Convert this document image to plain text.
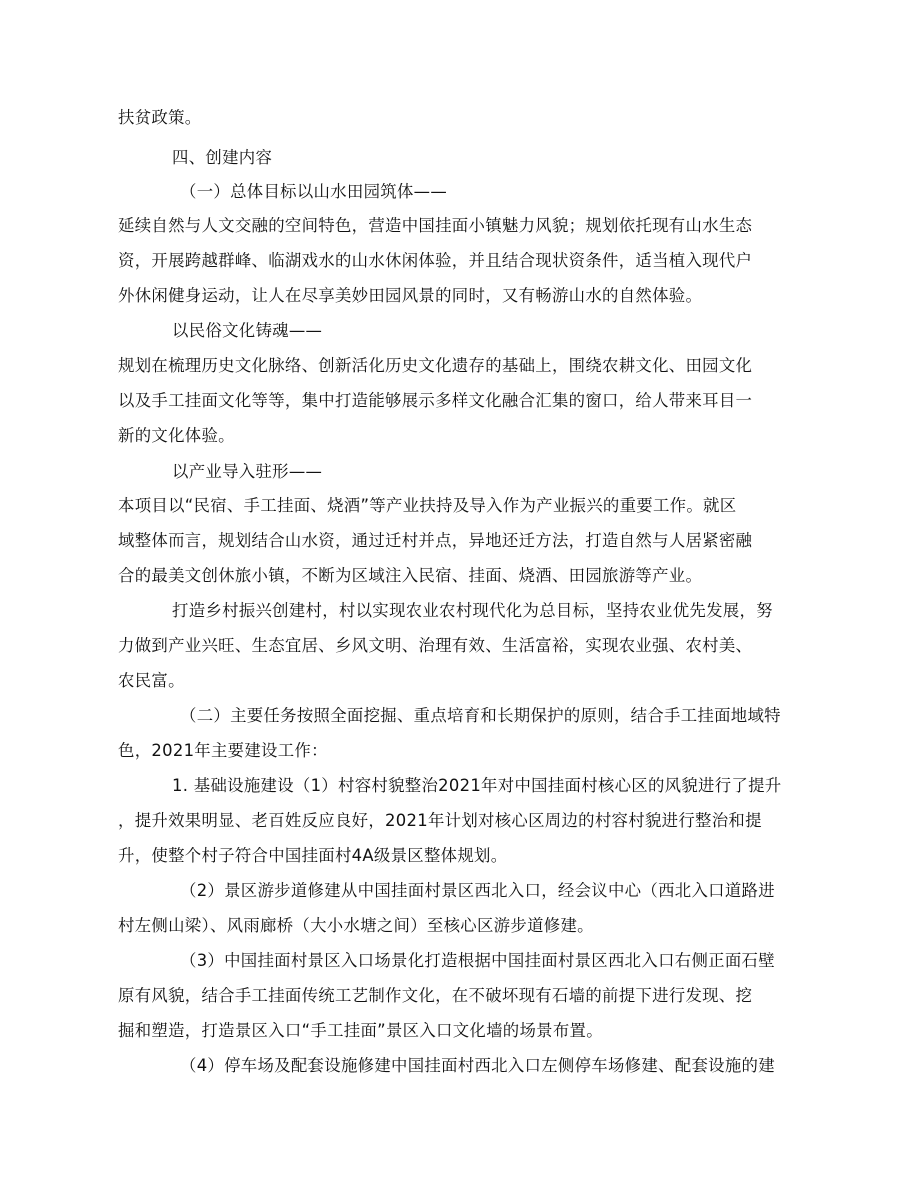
扶贫政策。
四、创建内容
（一）总体目标以山水田园筑体——
延续自然与人文交融的空间特色，营造中国挂面小镇魅力风貌；规划依托现有山水生态
资，开展跨越群峰、临湖戏水的山水休闲体验，并且结合现状资条件，适当植入现代户
外休闲健身运动，让人在尽享美妙田园风景的同时，又有畅游山水的自然体验。
以民俗文化铸魂——
规划在梳理历史文化脉络、创新活化历史文化遗存的基础上，围绕农耕文化、田园文化
以及手工挂面文化等等，集中打造能够展示多样文化融合汇集的窗口，给人带来耳目一
新的文化体验。
以产业导入驻形——
本项目以“民宿、手工挂面、烧酒”等产业扶持及导入作为产业振兴的重要工作。就区
域整体而言，规划结合山水资，通过迁村并点，异地还迁方法，打造自然与人居紧密融
合的最美文创休旅小镇，不断为区域注入民宿、挂面、烧酒、田园旅游等产业。
打造乡村振兴创建村，村以实现农业农村现代化为总目标，坚持农业优先发展，努
力做到产业兴旺、生态宜居、乡风文明、治理有效、生活富裕，实现农业强、农村美、
农民富。
（二）主要任务按照全面挖掘、重点培育和长期保护的原则，结合手工挂面地域特
色，2021年主要建设工作：
1. 基础设施建设（1）村容村貌整治2021年对中国挂面村核心区的风貌进行了提升
，提升效果明显、老百姓反应良好，2021年计划对核心区周边的村容村貌进行整治和提
升，使整个村子符合中国挂面村4A级景区整体规划。
（2）景区游步道修建从中国挂面村景区西北入口，经会议中心（西北入口道路进
村左侧山梁）、风雨廊桥（大小水塘之间）至核心区游步道修建。
（3）中国挂面村景区入口场景化打造根据中国挂面村景区西北入口右侧正面石壁
原有风貌，结合手工挂面传统工艺制作文化，在不破坏现有石墙的前提下进行发现、挖
掘和塑造，打造景区入口“手工挂面”景区入口文化墙的场景布置。
（4）停车场及配套设施修建中国挂面村西北入口左侧停车场修建、配套设施的建
